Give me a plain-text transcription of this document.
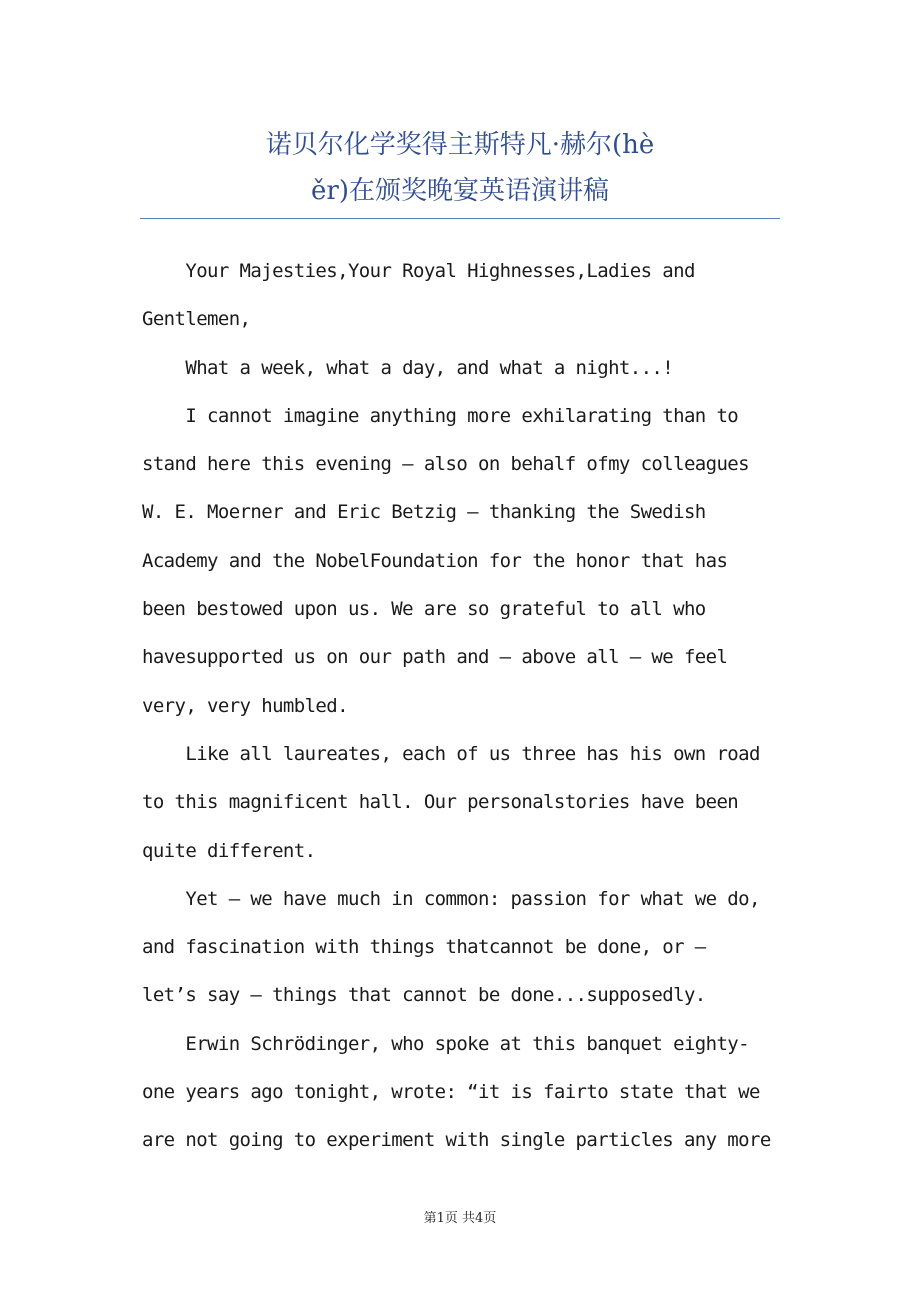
诺贝尔化学奖得主斯特凡·赫尔(hè
ěr)在颁奖晚宴英语演讲稿
Your Majesties,Your Royal Highnesses,Ladies and
Gentlemen,
What a week, what a day, and what a night...!
I cannot imagine anything more exhilarating than to
stand here this evening – also on behalf ofmy colleagues
W. E. Moerner and Eric Betzig – thanking the Swedish
Academy and the NobelFoundation for the honor that has
been bestowed upon us. We are so grateful to all who
havesupported us on our path and – above all – we feel
very, very humbled.
Like all laureates, each of us three has his own road
to this magnificent hall. Our personalstories have been
quite different.
Yet – we have much in common: passion for what we do,
and fascination with things thatcannot be done, or –
let’s say – things that cannot be done...supposedly.
Erwin Schrödinger, who spoke at this banquet eighty-
one years ago tonight, wrote: “it is fairto state that we
are not going to experiment with single particles any more
第1页 共4页
